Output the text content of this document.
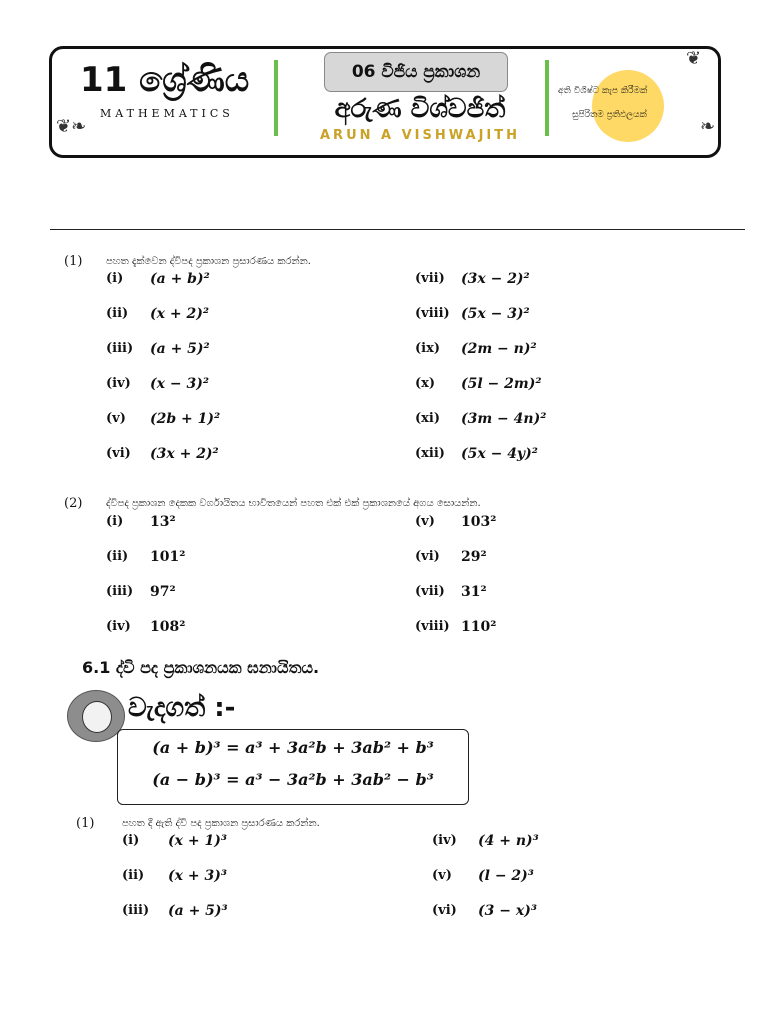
❦❧
❦
❧
11 ශ්‍රේණිය
MATHEMATICS
06 විජිය ප්‍රකාශන
අරුණ විශ්වජිත්
ARUN A VISHWAJITH
අති විශිෂ්ට කැප කිරීමක්
සුපිරිතම ප්‍රතිඵලයක්
(1) පහත දැක්වෙන ද්විපද ප්‍රකාශන ප්‍රසාරණය කරන්න.
(i) (a + b)²
(ii) (x + 2)²
(iii) (a + 5)²
(iv) (x − 3)²
(v) (2b + 1)²
(vi) (3x + 2)²
(vii) (3x − 2)²
(viii) (5x − 3)²
(ix) (2m − n)²
(x) (5l − 2m)²
(xi) (3m − 4n)²
(xii) (5x − 4y)²
(2) ද්විපද ප්‍රකාශන දෙකක වර්ගායිතය භාවිතයෙන් පහත එක් එක් ප්‍රකාශනයේ අගය සොයන්න.
(i) 13²
(ii) 101²
(iii) 97²
(iv) 108²
(v) 103²
(vi) 29²
(vii) 31²
(viii) 110²
6.1 ද්වි පද ප්‍රකාශනයක ඝනායිතය.
වැදගත් :-
(a + b)³ = a³ + 3a²b + 3ab² + b³
(a − b)³ = a³ − 3a²b + 3ab² − b³
(1)	පහත දී ඇති ද්වි පද ප්‍රකාශන ප්‍රසාරණය කරන්න.
(i) (x + 1)³
(ii) (x + 3)³
(iii) (a + 5)³
(iv) (4 + n)³
(v) (l − 2)³
(vi) (3 − x)³
